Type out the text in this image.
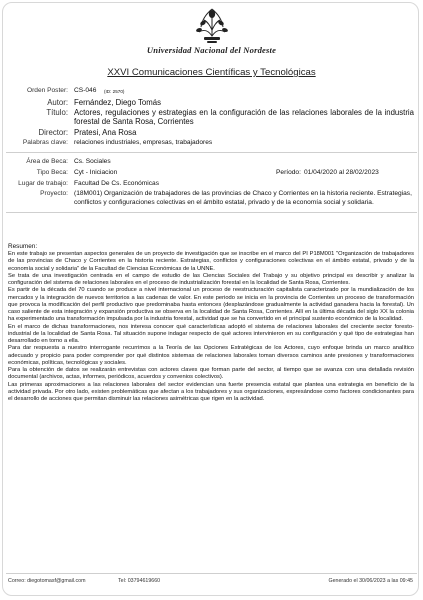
Universidad Nacional del Nordeste
XXVI Comunicaciones Científicas y Tecnológicas
Orden Poster: CS-046 (ID: 2570)
Autor: Fernández, Diego Tomás
Título: Actores, regulaciones y estrategias en la configuración de las relaciones laborales de la industria forestal de Santa Rosa, Corrientes
Director: Pratesi, Ana Rosa
Palabras clave: relaciones industriales, empresas, trabajadores
Área de Beca: Cs. Sociales
Tipo Beca: Cyt - Iniciacion	Período: 01/04/2020 al 28/02/2023
Lugar de trabajo: Facultad De Cs. Económicas
Proyecto: (18M001) Organización de trabajadores de las provincias de Chaco y Corrientes en la historia reciente. Estrategias, conflictos y configuraciones colectivas en el ámbito estatal, privado y de la economía social y solidaria.
Resumen:

En este trabajo se presentan aspectos generales de un proyecto de investigación que se inscribe en el marco del PI P18M001 "Organización de trabajadores de las provincias de Chaco y Corrientes en la historia reciente. Estrategias, conflictos y configuraciones colectivas en el ámbito estatal, privado y de la economía social y solidaria" de la Facultad de Ciencias Económicas de la UNNE.

Se trata de una investigación centrada en el campo de estudio de las Ciencias Sociales del Trabajo y su objetivo principal es describir y analizar la configuración del sistema de relaciones laborales en el proceso de industrialización forestal en la localidad de Santa Rosa, Corrientes.

Es partir de la década del 70 cuando se produce a nivel internacional un proceso de reestructuración capitalista caracterizado por la mundialización de los mercados y la integración de nuevos territorios a las cadenas de valor. En este periodo se inicia en la provincia de Corrientes un proceso de transformación que provoca la modificación del perfil productivo que predominaba hasta entonces (desplazándose gradualmente la actividad ganadera hacia la forestal). Un caso saliente de esta integración y expansión productiva se observa en la localidad de Santa Rosa, Corrientes. Allí en la última década del siglo XX la colonia ha experimentado una transformación impulsada por la industria forestal, actividad que se ha convertido en el principal sustento económico de la localidad.

En el marco de dichas transformaciones, nos interesa conocer qué características adoptó el sistema de relaciones laborales del creciente sector foresto-industrial de la localidad de Santa Rosa. Tal situación supone indagar respecto de qué actores intervinieron en su configuración y qué tipo de estrategias han desarrollado en torno a ella.

Para dar respuesta a nuestro interrogante recurrimos a la Teoría de las Opciones Estratégicas de los Actores, cuyo enfoque brinda un marco analítico adecuado y propicio para poder comprender por qué distintos sistemas de relaciones laborales toman diversos caminos ante presiones y transformaciones económicas, políticas, tecnológicas y sociales.

Para la obtención de datos se realizarán entrevistas con actores claves que forman parte del sector, al tiempo que se avanza con una detallada revisión documental (archivos, actas, informes, periódicos, acuerdos y convenios colectivos).

Las primeras aproximaciones a las relaciones laborales del sector evidencian una fuerte presencia estatal que plantea una estrategia en beneficio de la actividad privada. Por otro lado, existen problemáticas que afectan a los trabajadores y sus organizaciones, expresándose como factores condicionantes para el desarrollo de acciones que permitan disminuir las relaciones asimétricas que rigen en la actividad.

Correo: diegotomasf@gmail.com	Tel: 03794619660	Generado el 30/06/2023 a las 09:45
